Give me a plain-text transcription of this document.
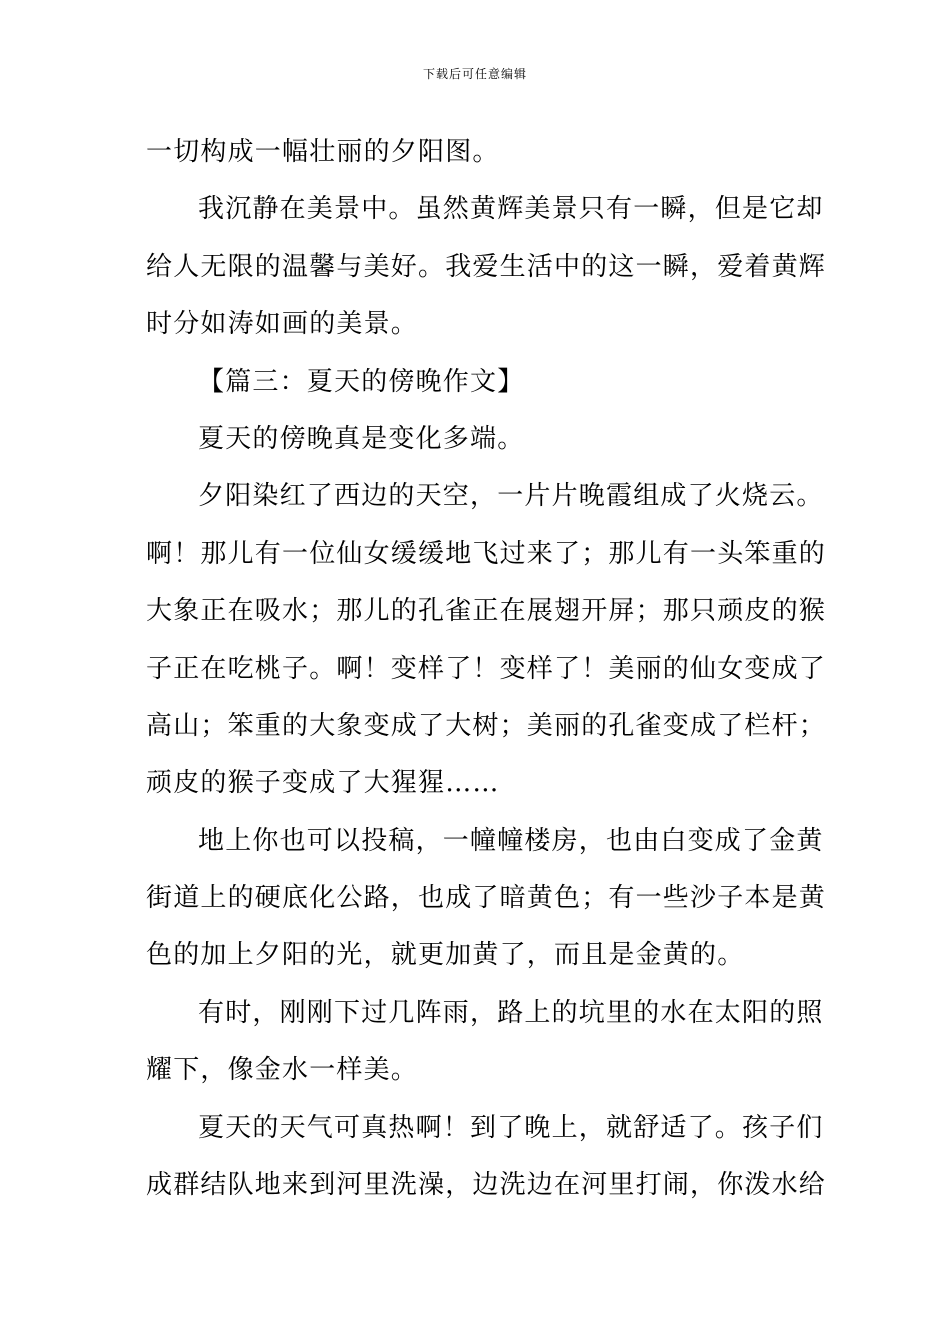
下载后可任意编辑
一切构成一幅壮丽的夕阳图。
我沉静在美景中。虽然黄辉美景只有一瞬，但是它却
给人无限的温馨与美好。我爱生活中的这一瞬，爱着黄辉
时分如涛如画的美景。
【篇三：夏天的傍晚作文】
夏天的傍晚真是变化多端。
夕阳染红了西边的天空，一片片晚霞组成了火烧云。
啊！那儿有一位仙女缓缓地飞过来了；那儿有一头笨重的
大象正在吸水；那儿的孔雀正在展翅开屏；那只顽皮的猴
子正在吃桃子。啊！变样了！变样了！美丽的仙女变成了
高山；笨重的大象变成了大树；美丽的孔雀变成了栏杆；
顽皮的猴子变成了大猩猩……
地上你也可以投稿，一幢幢楼房，也由白变成了金黄
街道上的硬底化公路，也成了暗黄色；有一些沙子本是黄
色的加上夕阳的光，就更加黄了，而且是金黄的。
有时，刚刚下过几阵雨，路上的坑里的水在太阳的照
耀下，像金水一样美。
夏天的天气可真热啊！到了晚上，就舒适了。孩子们
成群结队地来到河里洗澡，边洗边在河里打闹，你泼水给
